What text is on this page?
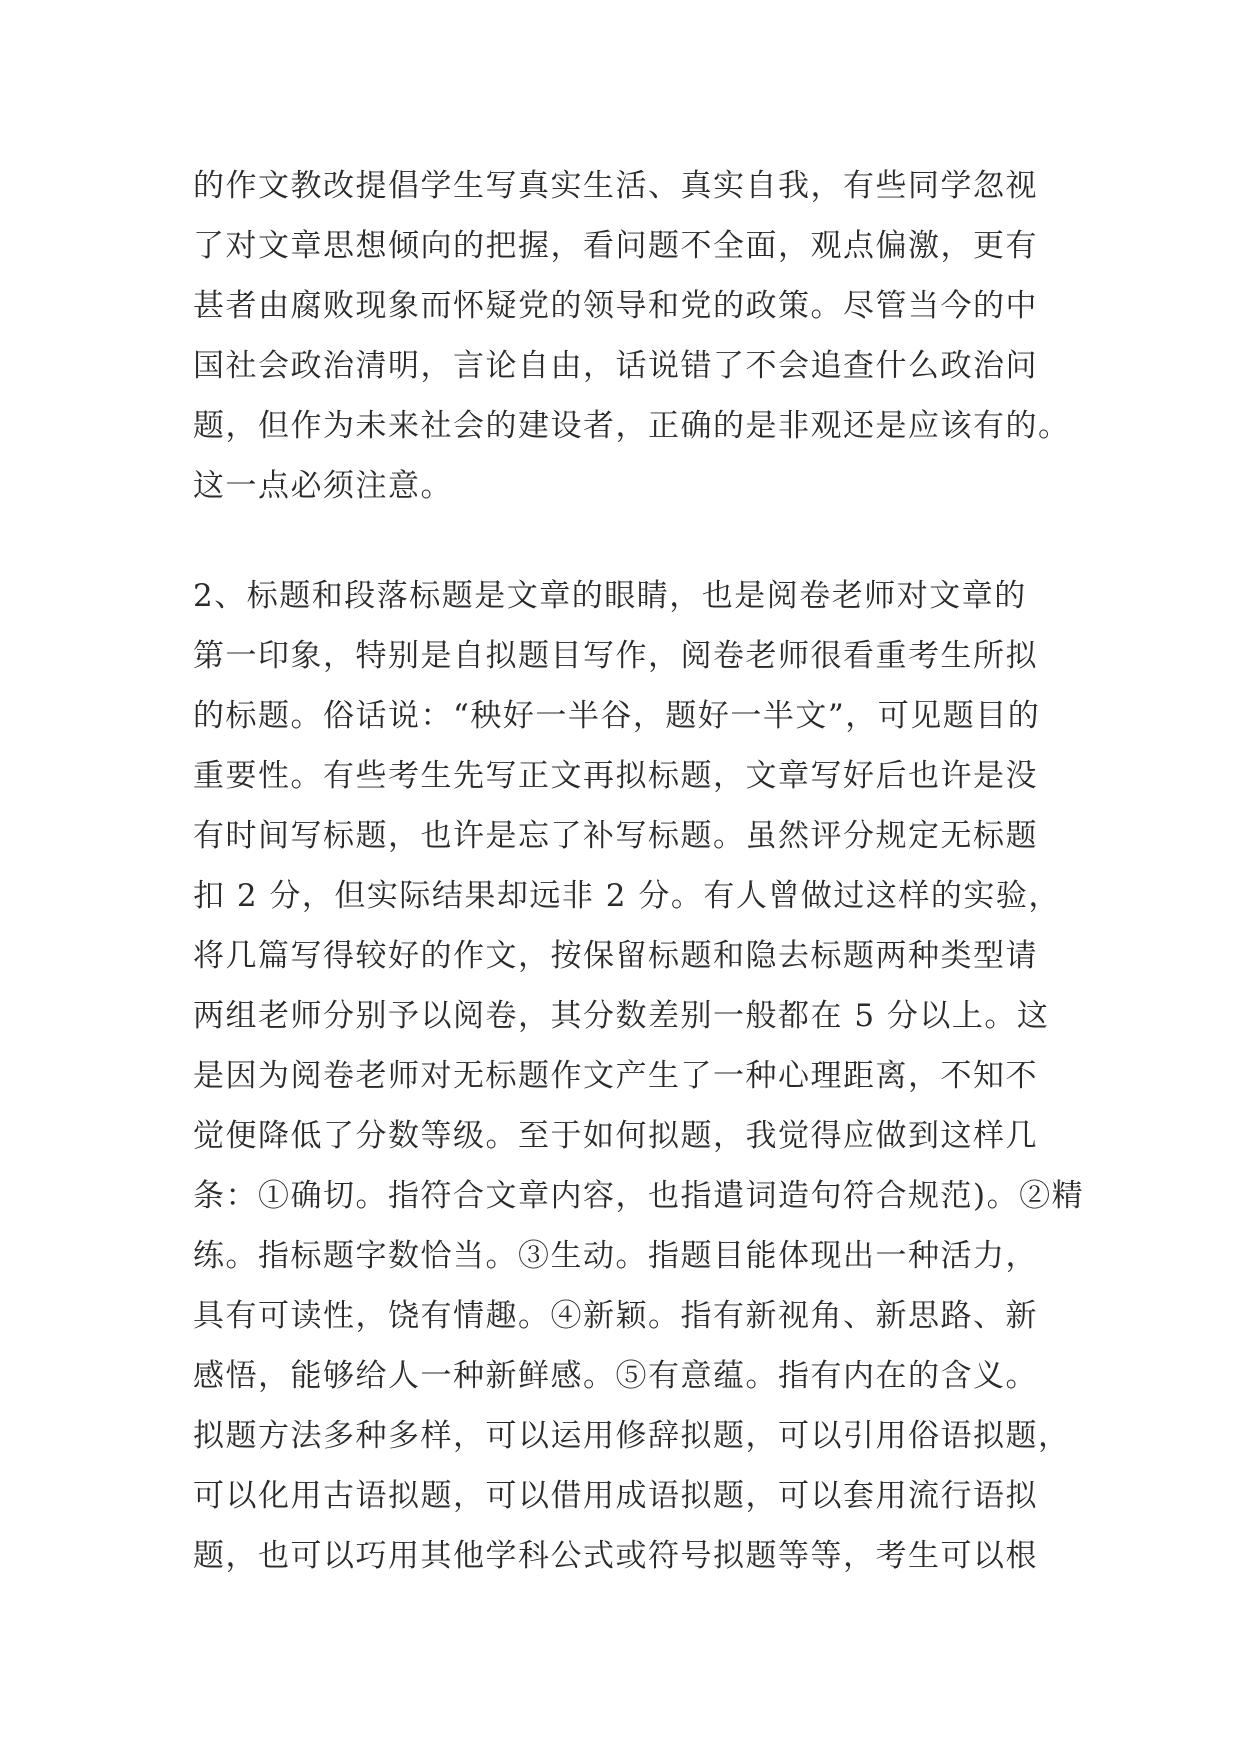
的作文教改提倡学生写真实生活、真实自我，有些同学忽视
了对文章思想倾向的把握，看问题不全面，观点偏激，更有
甚者由腐败现象而怀疑党的领导和党的政策。尽管当今的中
国社会政治清明，言论自由，话说错了不会追查什么政治问
题，但作为未来社会的建设者，正确的是非观还是应该有的。
这一点必须注意。
2、标题和段落标题是文章的眼睛，也是阅卷老师对文章的
第一印象，特别是自拟题目写作，阅卷老师很看重考生所拟
的标题。俗话说：“秧好一半谷，题好一半文”，可见题目的
重要性。有些考生先写正文再拟标题，文章写好后也许是没
有时间写标题，也许是忘了补写标题。虽然评分规定无标题
扣 2 分，但实际结果却远非 2 分。有人曾做过这样的实验，
将几篇写得较好的作文，按保留标题和隐去标题两种类型请
两组老师分别予以阅卷，其分数差别一般都在 5 分以上。这
是因为阅卷老师对无标题作文产生了一种心理距离，不知不
觉便降低了分数等级。至于如何拟题，我觉得应做到这样几
条：①确切。指符合文章内容，也指遣词造句符合规范)。②精
练。指标题字数恰当。③生动。指题目能体现出一种活力，
具有可读性，饶有情趣。④新颖。指有新视角、新思路、新
感悟，能够给人一种新鲜感。⑤有意蕴。指有内在的含义。
拟题方法多种多样，可以运用修辞拟题，可以引用俗语拟题，
可以化用古语拟题，可以借用成语拟题，可以套用流行语拟
题，也可以巧用其他学科公式或符号拟题等等，考生可以根
